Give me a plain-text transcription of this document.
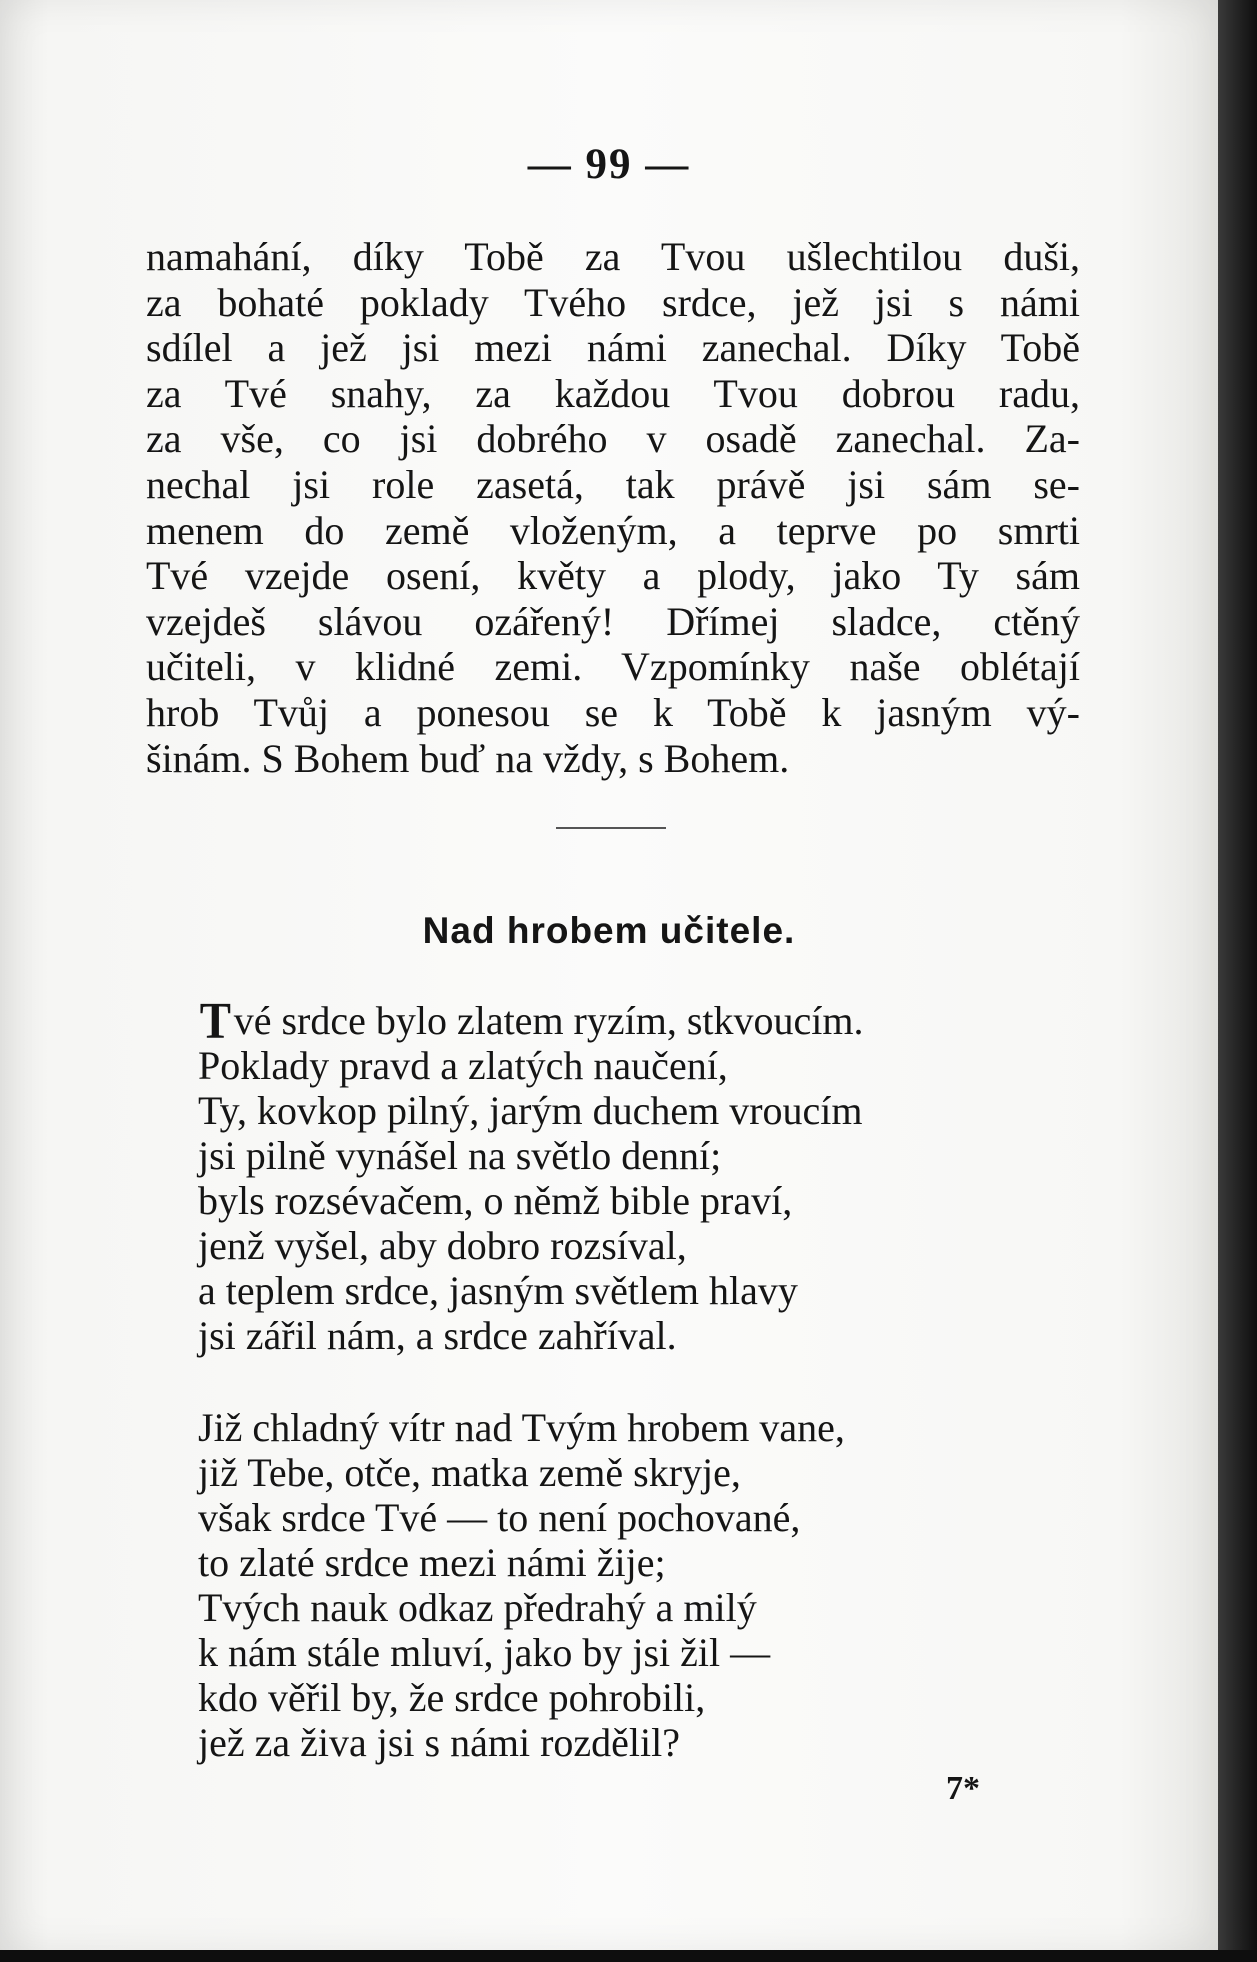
— 99 —
namahání, díky Tobě za Tvou ušlechtilou duši,
za bohaté poklady Tvého srdce, jež jsi s námi
sdílel a jež jsi mezi námi zanechal. Díky Tobě
za Tvé snahy, za každou Tvou dobrou radu,
za vše, co jsi dobrého v osadě zanechal. Za-
nechal jsi role zasetá, tak právě jsi sám se-
menem do země vloženým, a teprve po smrti
Tvé vzejde osení, květy a plody, jako Ty sám
vzejdeš slávou ozářený! Dřímej sladce, ctěný
učiteli, v klidné zemi. Vzpomínky naše oblétají
hrob Tvůj a ponesou se k Tobě k jasným vý-
šinám. S Bohem buď na vždy, s Bohem.
Nad hrobem učitele.
Tvé srdce bylo zlatem ryzím, stkvoucím.
Poklady pravd a zlatých naučení,
Ty, kovkop pilný, jarým duchem vroucím
jsi pilně vynášel na světlo denní;
byls rozsévačem, o němž bible praví,
jenž vyšel, aby dobro rozsíval,
a teplem srdce, jasným světlem hlavy
jsi zářil nám, a srdce zahříval.
Již chladný vítr nad Tvým hrobem vane,
již Tebe, otče, matka země skryje,
však srdce Tvé — to není pochované,
to zlaté srdce mezi námi žije;
Tvých nauk odkaz předrahý a milý
k nám stále mluví, jako by jsi žil —
kdo věřil by, že srdce pohrobili,
jež za živa jsi s námi rozdělil?
7*
